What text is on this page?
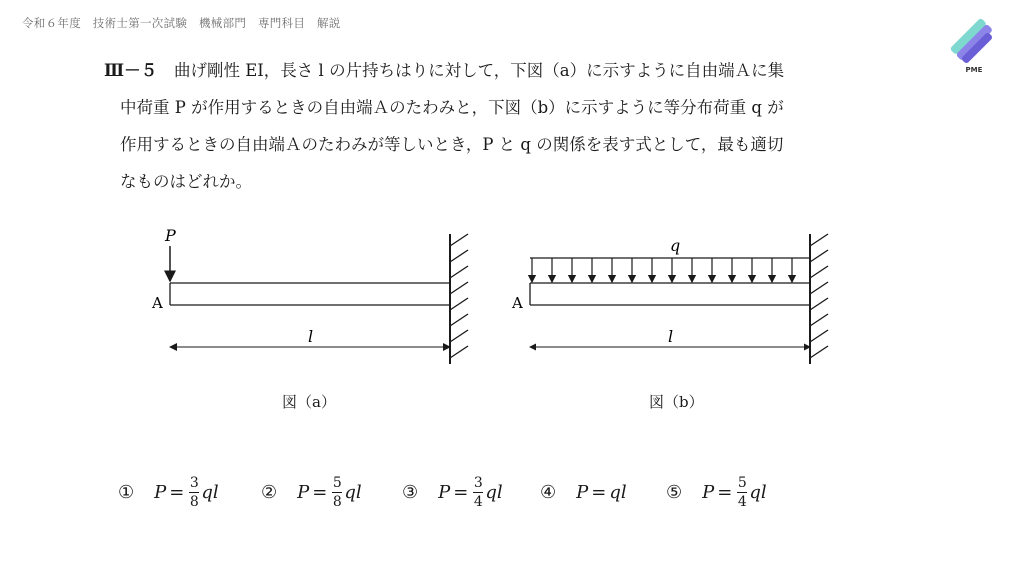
令和６年度　技術士第一次試験　機械部門　専門科目　解説
PME
Ⅲ－５ 曲げ剛性 EI，長さ l の片持ちはりに対して，下図（a）に示すように自由端Ａに集
中荷重 P が作用するときの自由端Ａのたわみと，下図（b）に示すように等分布荷重 q が
作用するときの自由端Ａのたわみが等しいとき，P と q の関係を表す式として，最も適切
なものはどれか。
P
A
l
図（a）
q
A
l
図（b）
① $P = \frac{3}{8}$ ql ② $P = \frac{5}{8}$ ql ③ $P = \frac{3}{4}$ ql ④ P = ql ⑤ $P = \frac{5}{4}$ ql
